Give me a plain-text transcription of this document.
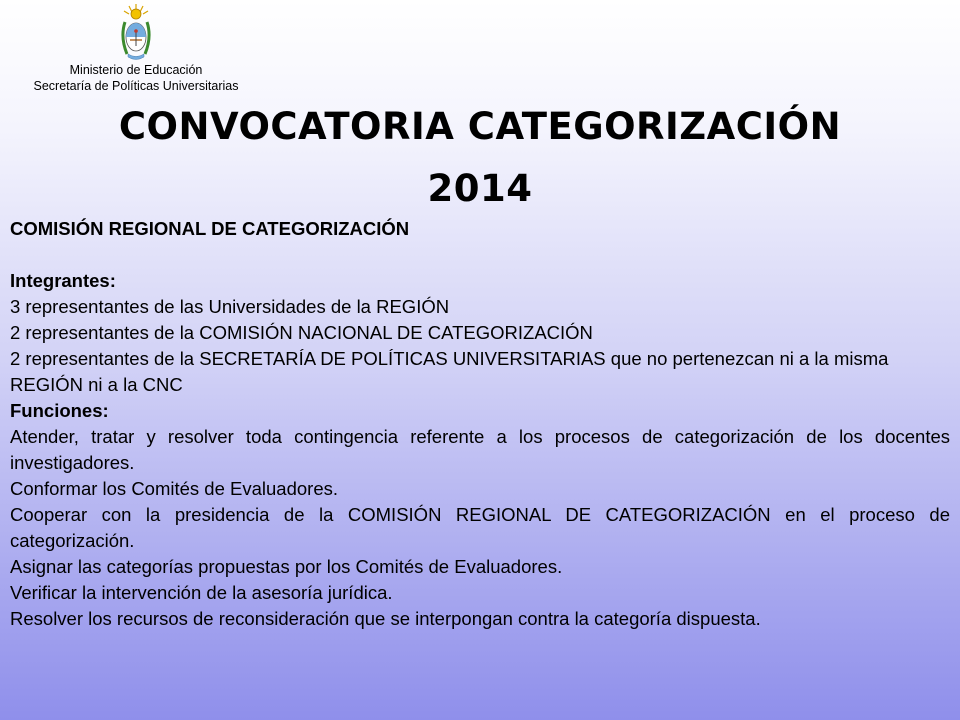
Ministerio de Educación
Secretaría de Políticas Universitarias
CONVOCATORIA CATEGORIZACIÓN
2014

COMISIÓN REGIONAL DE CATEGORIZACIÓN

Integrantes:

3 representantes de las Universidades de la REGIÓN

2 representantes de la COMISIÓN NACIONAL DE CATEGORIZACIÓN

2 representantes de la SECRETARÍA DE POLÍTICAS UNIVERSITARIAS que no pertenezcan ni a la misma REGIÓN ni a la CNC

Funciones:

Atender, tratar y resolver toda contingencia referente a los procesos de categorización de los docentes investigadores.

Conformar los Comités de Evaluadores.

Cooperar con la presidencia de la COMISIÓN REGIONAL DE CATEGORIZACIÓN en el proceso de categorización.

Asignar las categorías propuestas por los Comités de Evaluadores.

Verificar la intervención de la asesoría jurídica.

Resolver los recursos de reconsideración que se interpongan contra la categoría dispuesta.
